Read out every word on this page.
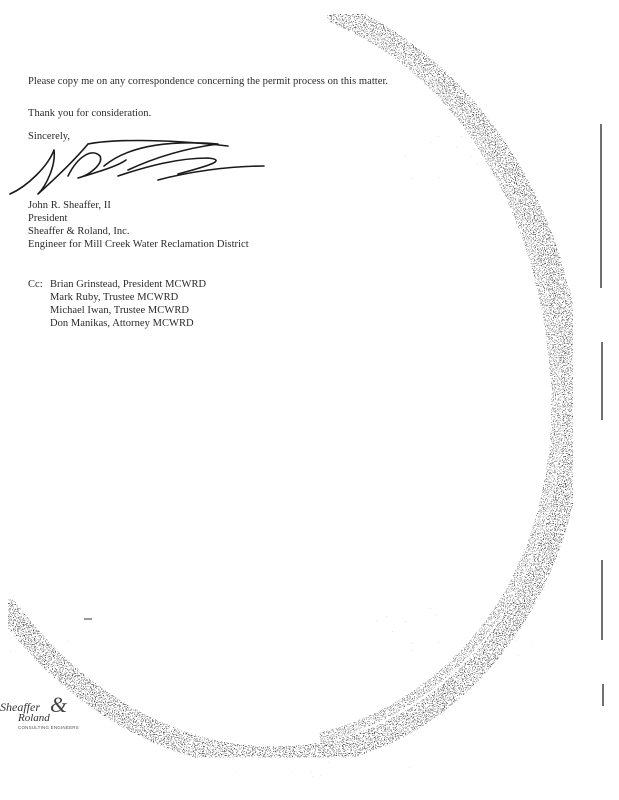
Please copy me on any correspondence concerning the permit process on this matter.
Thank you for consideration.
Sincerely,
John R. Sheaffer, II
President
Sheaffer & Roland, Inc.
Engineer for Mill Creek Water Reclamation District
Cc: Brian Grinstead, President MCWRD
Mark Ruby, Trustee MCWRD
Michael Iwan, Trustee MCWRD
Don Manikas, Attorney MCWRD
Sheaffer &
Roland
CONSULTING ENGINEERS
